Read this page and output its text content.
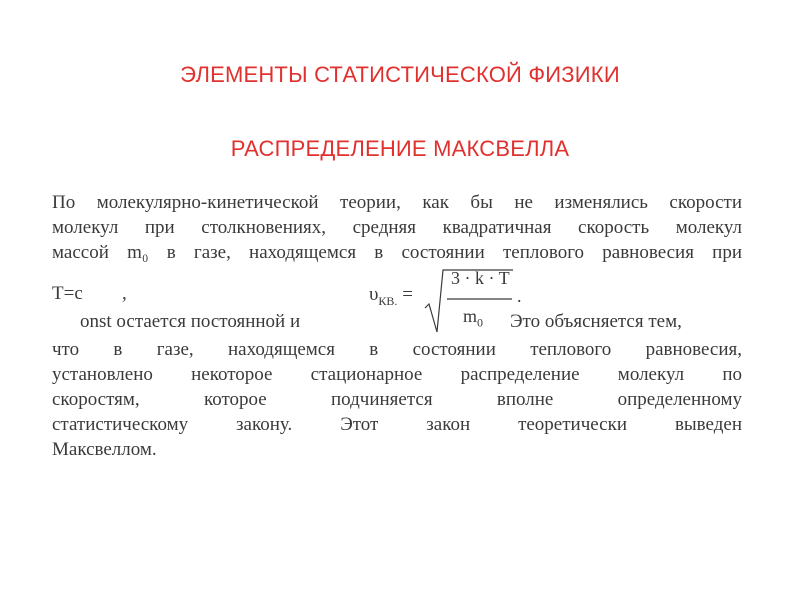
ЭЛЕМЕНТЫ СТАТИСТИЧЕСКОЙ ФИЗИКИ
РАСПРЕДЕЛЕНИЕ МАКСВЕЛЛА
По молекулярно-кинетической теории, как бы не изменялись скорости
молекул при столкновениях, средняя квадратичная скорость молекул
массой m₀ в газе, находящемся в состоянии теплового равновесия при
T=c ,
onst остается постоянной и	Это объясняется тем,
$\upsilon_{КВ.}$ =
3 · k · T
$m_0$
.
что в газе, находящемся в состоянии теплового равновесия,
установлено некоторое стационарное распределение молекул по
скоростям, которое подчиняется вполне определенному
статистическому закону. Этот закон теоретически выведен
Максвеллом.
